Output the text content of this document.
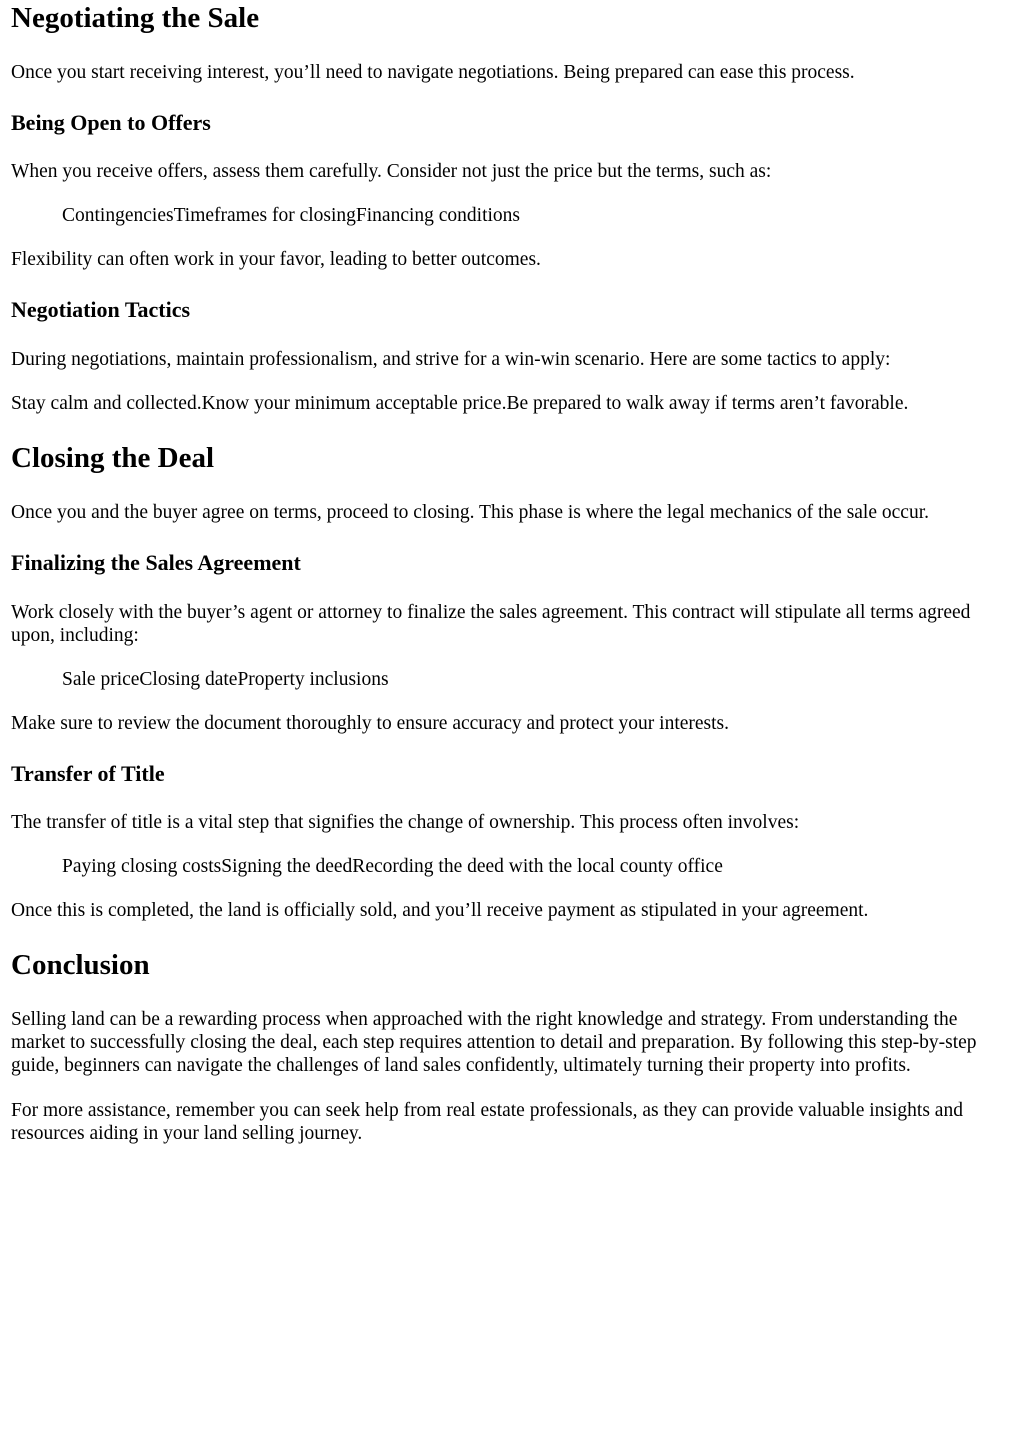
Negotiating the Sale

Once you start receiving interest, you’ll need to navigate negotiations. Being prepared can ease this process.

Being Open to Offers

When you receive offers, assess them carefully. Consider not just the price but the terms, such as:

ContingenciesTimeframes for closingFinancing conditions

Flexibility can often work in your favor, leading to better outcomes.

Negotiation Tactics

During negotiations, maintain professionalism, and strive for a win-win scenario. Here are some tactics to apply:

Stay calm and collected.Know your minimum acceptable price.Be prepared to walk away if terms aren’t favorable.

Closing the Deal

Once you and the buyer agree on terms, proceed to closing. This phase is where the legal mechanics of the sale occur.

Finalizing the Sales Agreement

Work closely with the buyer’s agent or attorney to finalize the sales agreement. This contract will stipulate all terms agreed upon, including:

Sale priceClosing dateProperty inclusions

Make sure to review the document thoroughly to ensure accuracy and protect your interests.

Transfer of Title

The transfer of title is a vital step that signifies the change of ownership. This process often involves:

Paying closing costsSigning the deedRecording the deed with the local county office

Once this is completed, the land is officially sold, and you’ll receive payment as stipulated in your agreement.

Conclusion

Selling land can be a rewarding process when approached with the right knowledge and strategy. From understanding the market to successfully closing the deal, each step requires attention to detail and preparation. By following this step-by-step guide, beginners can navigate the challenges of land sales confidently, ultimately turning their property into profits.

For more assistance, remember you can seek help from real estate professionals, as they can provide valuable insights and resources aiding in your land selling journey.
